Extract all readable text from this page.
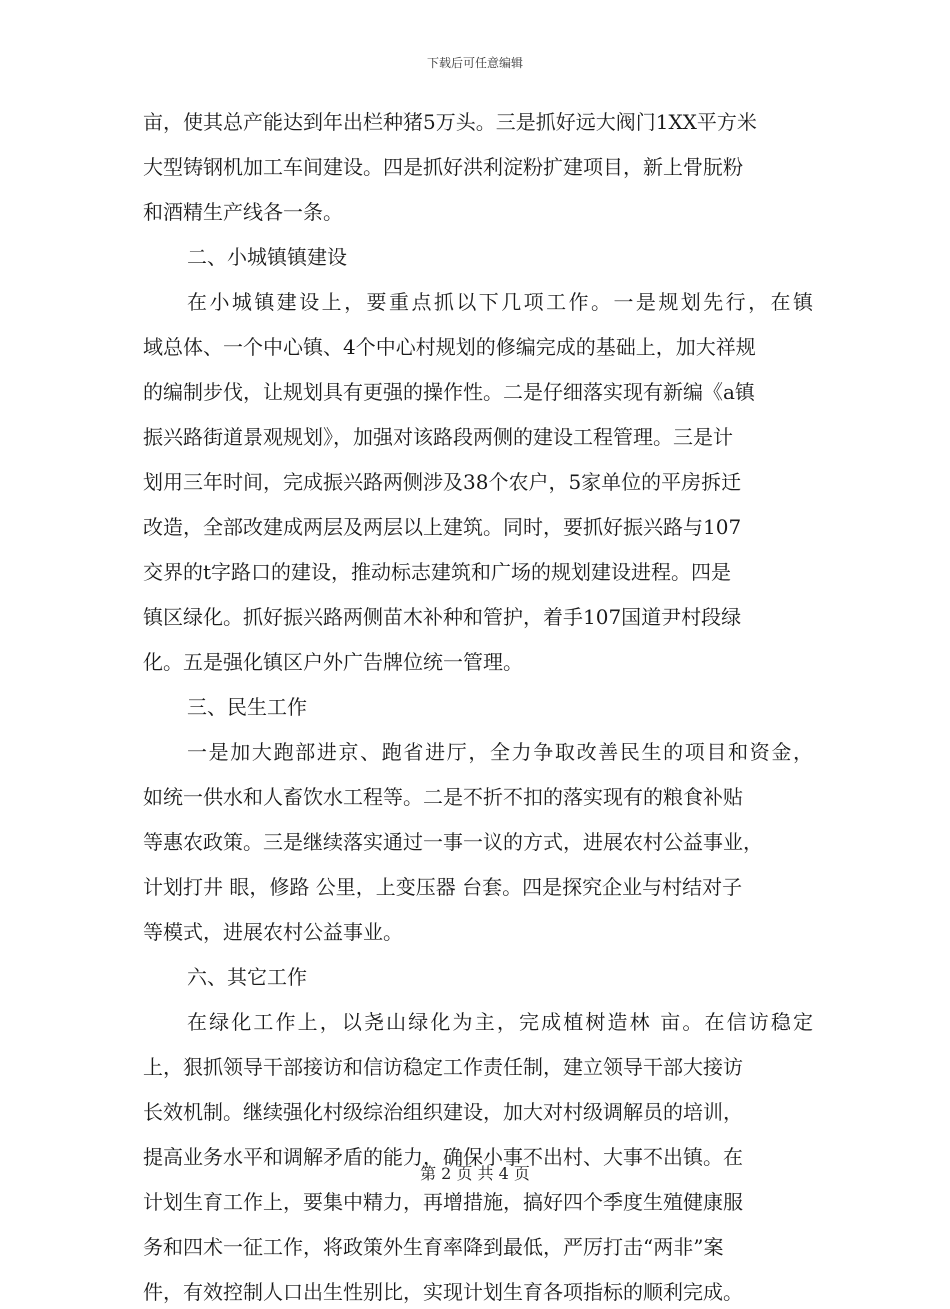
下载后可任意编辑
亩，使其总产能达到年出栏种猪5万头。三是抓好远大阀门1XX平方米
大型铸钢机加工车间建设。四是抓好洪利淀粉扩建项目，新上骨朊粉
和酒精生产线各一条。
二、小城镇镇建设
在小城镇建设上，要重点抓以下几项工作。一是规划先行，在镇
域总体、一个中心镇、4个中心村规划的修编完成的基础上，加大祥规
的编制步伐，让规划具有更强的操作性。二是仔细落实现有新编《a镇
振兴路街道景观规划》，加强对该路段两侧的建设工程管理。三是计
划用三年时间，完成振兴路两侧涉及38个农户，5家单位的平房拆迁
改造，全部改建成两层及两层以上建筑。同时，要抓好振兴路与107
交界的t字路口的建设，推动标志建筑和广场的规划建设进程。四是
镇区绿化。抓好振兴路两侧苗木补种和管护，着手107国道尹村段绿
化。五是强化镇区户外广告牌位统一管理。
三、民生工作
一是加大跑部进京、跑省进厅，全力争取改善民生的项目和资金，
如统一供水和人畜饮水工程等。二是不折不扣的落实现有的粮食补贴
等惠农政策。三是继续落实通过一事一议的方式，进展农村公益事业，
计划打井 眼，修路 公里，上变压器 台套。四是探究企业与村结对子
等模式，进展农村公益事业。
六、其它工作
在绿化工作上，以尧山绿化为主，完成植树造林 亩。在信访稳定
上，狠抓领导干部接访和信访稳定工作责任制，建立领导干部大接访
长效机制。继续强化村级综治组织建设，加大对村级调解员的培训，
提高业务水平和调解矛盾的能力，确保小事不出村、大事不出镇。在
计划生育工作上，要集中精力，再增措施，搞好四个季度生殖健康服
务和四术一征工作，将政策外生育率降到最低，严厉打击“两非”案
件，有效控制人口出生性别比，实现计划生育各项指标的顺利完成。
第 2 页 共 4 页
